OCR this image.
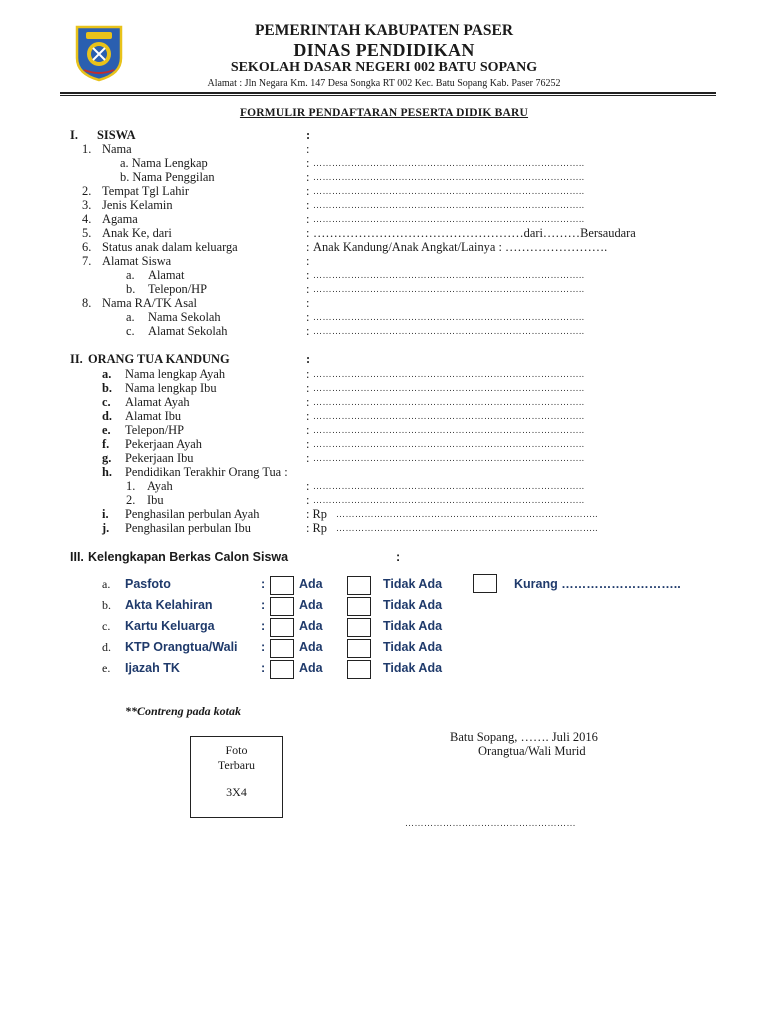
PEMERINTAH KABUPATEN PASER
DINAS PENDIDIKAN
SEKOLAH DASAR NEGERI 002 BATU SOPANG
Alamat : Jln Negara Km. 147 Desa Songka RT 002 Kec. Batu Sopang Kab. Paser 76252
FORMULIR PENDAFTARAN PESERTA DIDIK BARU
I. SISWA	:
1. Nama	:
a. Nama Lengkap	: …………………………………………………………………………..
b. Nama Penggilan	: …………………………………………………………………………..
2. Tempat Tgl Lahir	: …………………………………………………………………………..
3. Jenis Kelamin	: …………………………………………………………………………..
4. Agama	: …………………………………………………………………………..
5. Anak Ke, dari	: ……………………………………………dari………Bersaudara
6. Status anak dalam keluarga	: Anak Kandung/Anak Angkat/Lainya : …………………….
7. Alamat Siswa	:
a. Alamat	: …………………………………………………………………………..
b. Telepon/HP	: …………………………………………………………………………..
8. Nama RA/TK Asal	:
a. Nama Sekolah	: …………………………………………………………………………..
c. Alamat Sekolah	: …………………………………………………………………………..
II. ORANG TUA KANDUNG	:
a. Nama lengkap Ayah	: …………………………………………………………………………..
b. Nama lengkap Ibu	: …………………………………………………………………………..
c. Alamat Ayah	: …………………………………………………………………………..
d. Alamat Ibu	: …………………………………………………………………………..
e. Telepon/HP	: …………………………………………………………………………..
f. Pekerjaan Ayah	: …………………………………………………………………………..
g. Pekerjaan Ibu	: …………………………………………………………………………..
h. Pendidikan Terakhir Orang Tua :
1. Ayah	: …………………………………………………………………………..
2. Ibu	: …………………………………………………………………………..
i. Penghasilan perbulan Ayah	: Rp ………………………………………………………………………..
j. Penghasilan perbulan Ibu	: Rp ………………………………………………………………………..
III. Kelengkapan Berkas Calon Siswa	:
a. Pasfoto	:	Ada	Tidak Ada	Kurang ………………………..
b. Akta Kelahiran	:	Ada	Tidak Ada
c. Kartu Keluarga	:	Ada	Tidak Ada
d. KTP Orangtua/Wali :	Ada	Tidak Ada
e. Ijazah TK	:	Ada	Tidak Ada
**Contreng pada kotak
Foto
Terbaru
3X4
Batu Sopang, ……. Juli 2016
Orangtua/Wali Murid
………………………………………………
